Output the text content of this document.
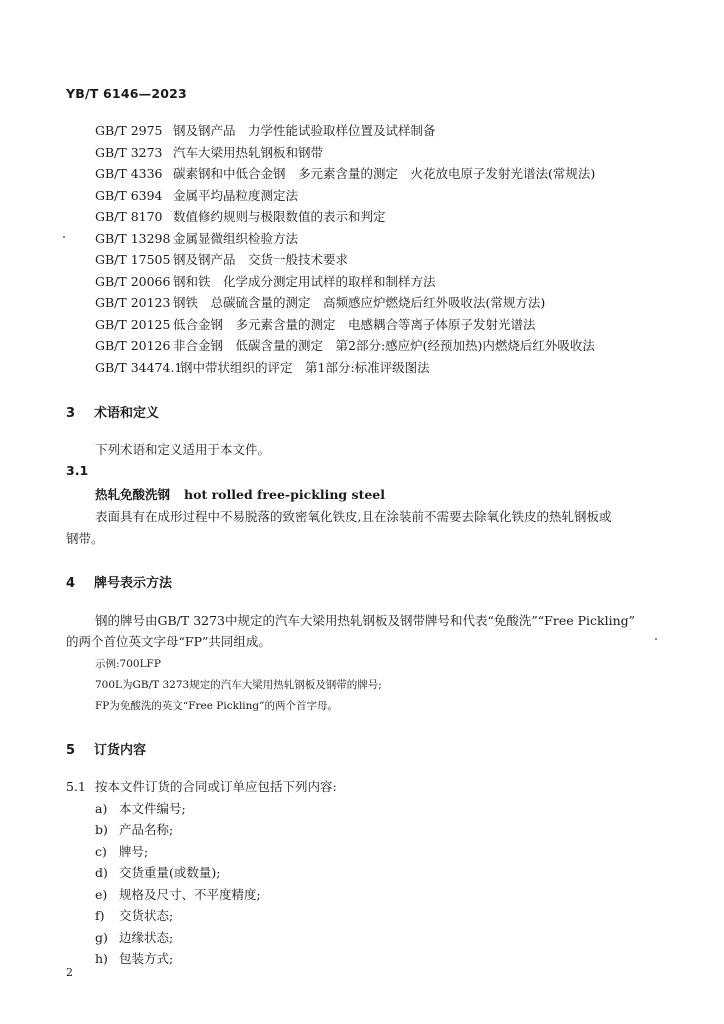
YB/T 6146—2023
GB/T 2975 钢及钢产品　力学性能试验取样位置及试样制备
GB/T 3273 汽车大梁用热轧钢板和钢带
GB/T 4336 碳素钢和中低合金钢　多元素含量的测定　火花放电原子发射光谱法(常规法)
GB/T 6394 金属平均晶粒度测定法
GB/T 8170 数值修约规则与极限数值的表示和判定
GB/T 13298 金属显微组织检验方法
GB/T 17505 钢及钢产品　交货一般技术要求
GB/T 20066 钢和铁　化学成分测定用试样的取样和制样方法
GB/T 20123 钢铁　总碳硫含量的测定　高频感应炉燃烧后红外吸收法(常规方法)
GB/T 20125 低合金钢　多元素含量的测定　电感耦合等离子体原子发射光谱法
GB/T 20126 非合金钢　低碳含量的测定　第2部分:感应炉(经预加热)内燃烧后红外吸收法
GB/T 34474.1钢中带状组织的评定　第1部分:标准评级图法
3 术语和定义
下列术语和定义适用于本文件。
3.1
热轧免酸洗钢 hot rolled free-pickling steel
表面具有在成形过程中不易脱落的致密氧化铁皮,且在涂装前不需要去除氧化铁皮的热轧钢板或
钢带。
4 牌号表示方法
钢的牌号由GB/T 3273中规定的汽车大梁用热轧钢板及钢带牌号和代表“免酸洗”“Free Pickling”
的两个首位英文字母“FP”共同组成。
示例:700LFP
700L为GB/T 3273规定的汽车大梁用热轧钢板及钢带的牌号;
FP为免酸洗的英文“Free Pickling”的两个首字母。
5 订货内容
5.1 按本文件订货的合同或订单应包括下列内容:
a) 本文件编号;
b) 产品名称;
c) 牌号;
d) 交货重量(或数量);
e) 规格及尺寸、不平度精度;
f) 交货状态;
g) 边缘状态;
h) 包装方式;
2
